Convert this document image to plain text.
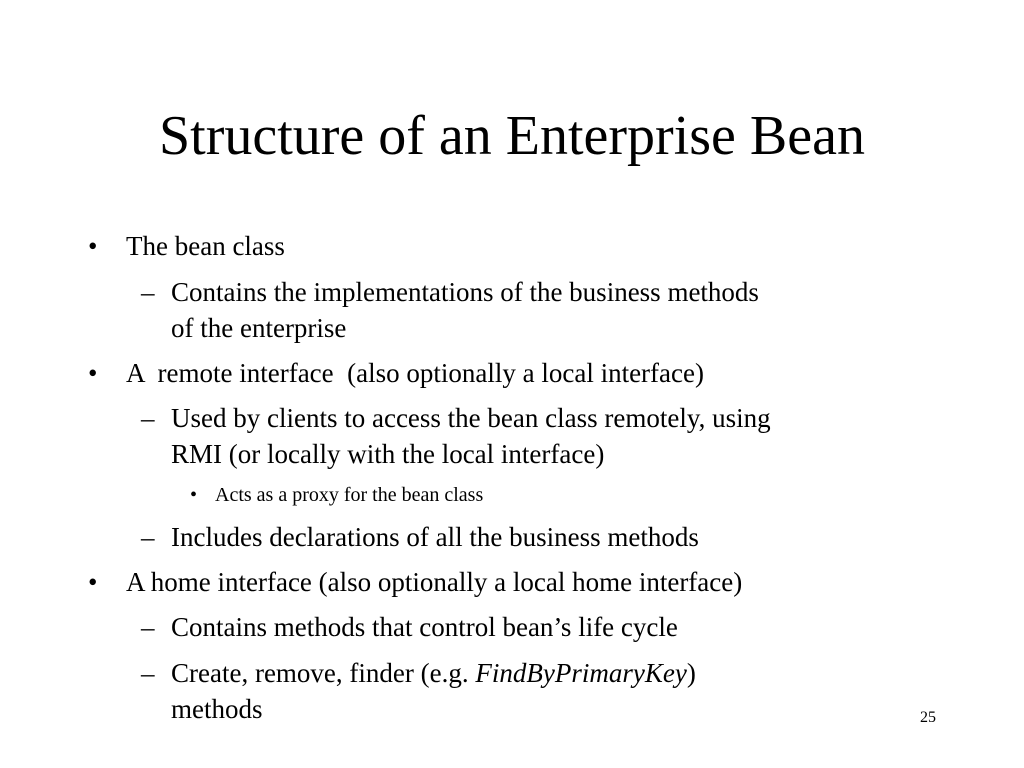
Structure of an Enterprise Bean
• The bean class
– Contains the implementations of the business methods
of the enterprise
• A  remote interface  (also optionally a local interface)
– Used by clients to access the bean class remotely, using
RMI (or locally with the local interface)
• Acts as a proxy for the bean class
– Includes declarations of all the business methods
• A home interface (also optionally a local home interface)
– Contains methods that control bean’s life cycle
– Create, remove, finder (e.g. FindByPrimaryKey)
methods	25
